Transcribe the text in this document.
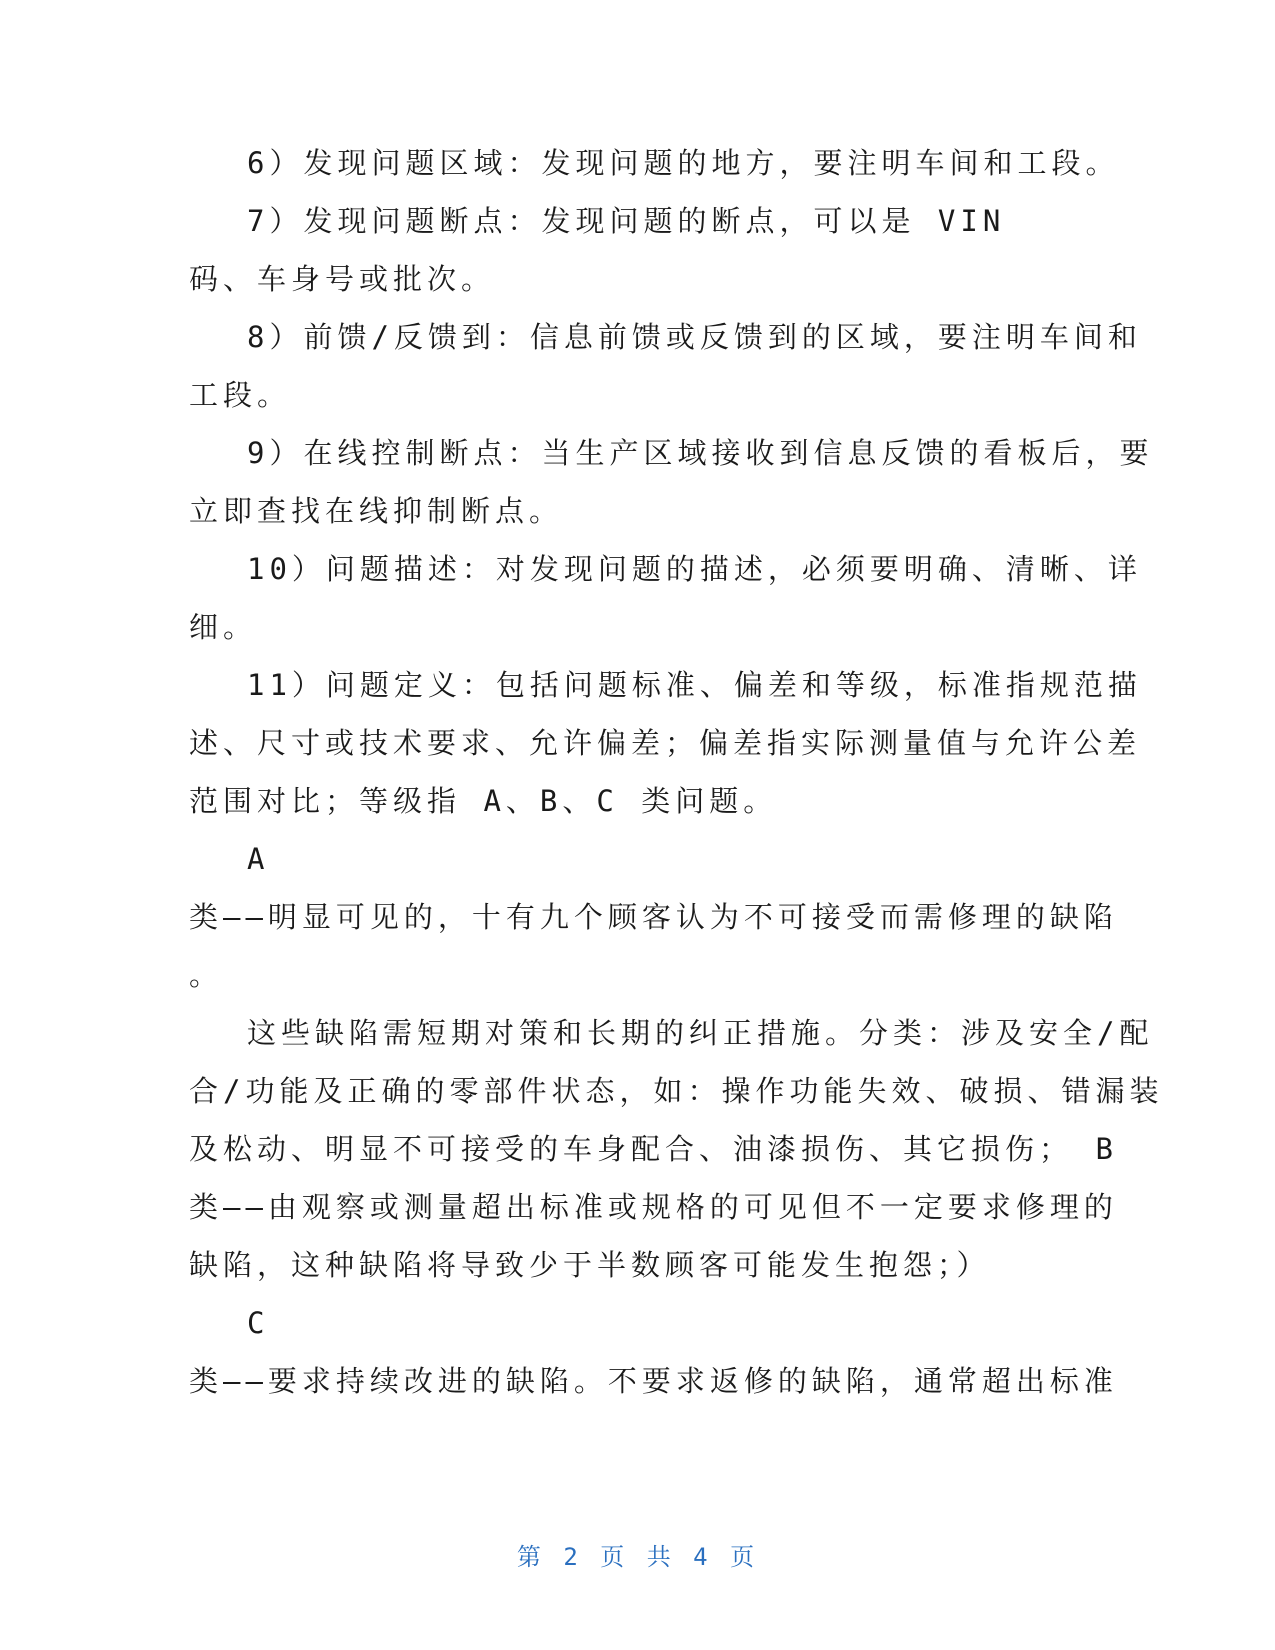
6）发现问题区域：发现问题的地方，要注明车间和工段。
7）发现问题断点：发现问题的断点，可以是 VIN
码、车身号或批次。
8）前馈/反馈到：信息前馈或反馈到的区域，要注明车间和
工段。
9）在线控制断点：当生产区域接收到信息反馈的看板后，要
立即查找在线抑制断点。
10）问题描述：对发现问题的描述，必须要明确、清晰、详
细。
11）问题定义：包括问题标准、偏差和等级，标准指规范描
述、尺寸或技术要求、允许偏差；偏差指实际测量值与允许公差
范围对比；等级指 A、B、C 类问题。
A
类——明显可见的，十有九个顾客认为不可接受而需修理的缺陷
。
这些缺陷需短期对策和长期的纠正措施。分类：涉及安全/配
合/功能及正确的零部件状态，如：操作功能失效、破损、错漏装
及松动、明显不可接受的车身配合、油漆损伤、其它损伤； B
类——由观察或测量超出标准或规格的可见但不一定要求修理的
缺陷，这种缺陷将导致少于半数顾客可能发生抱怨；）
C
类——要求持续改进的缺陷。不要求返修的缺陷，通常超出标准
第 2 页 共 4 页
